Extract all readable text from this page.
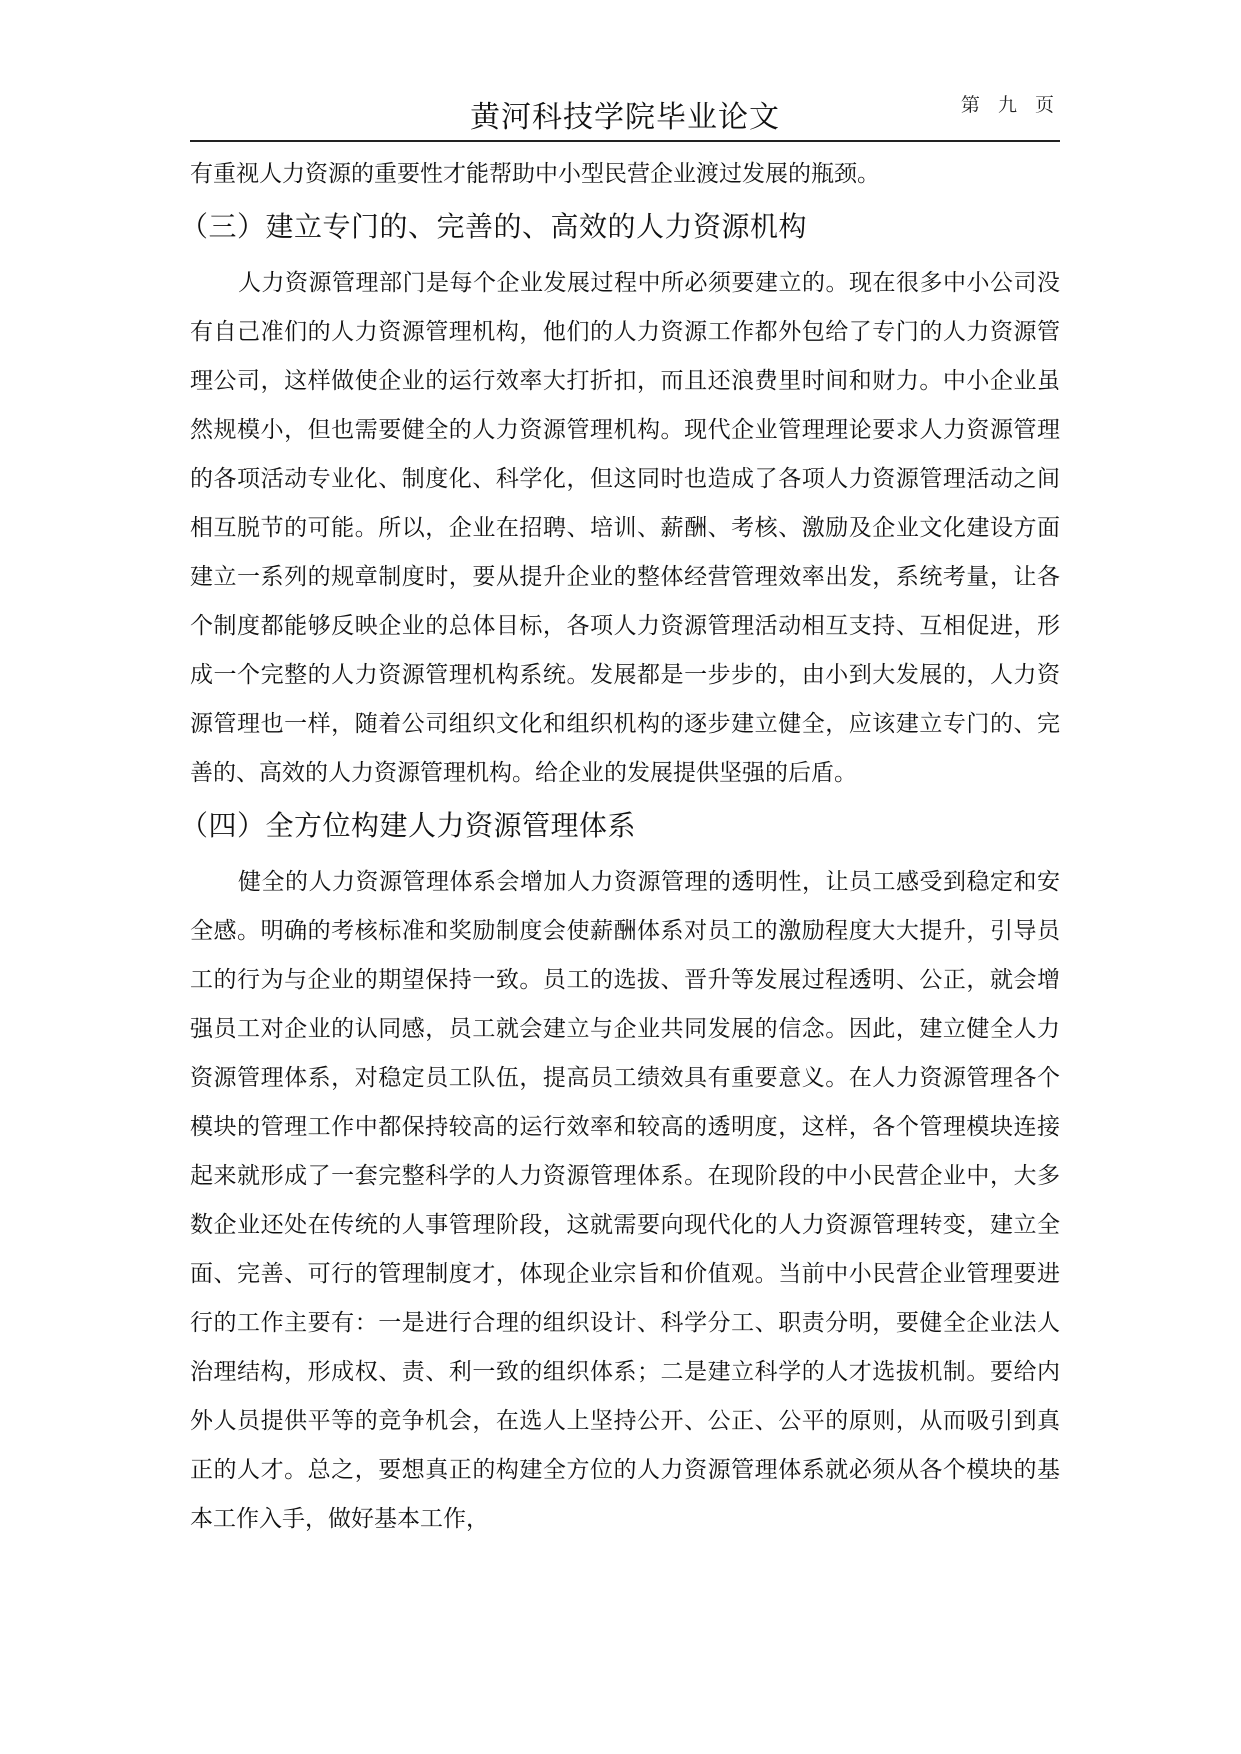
黄河科技学院毕业论文	第 九 页

有重视人力资源的重要性才能帮助中小型民营企业渡过发展的瓶颈。

（三）建立专门的、完善的、高效的人力资源机构

人力资源管理部门是每个企业发展过程中所必须要建立的。现在很多中小公司没有自己准们的人力资源管理机构，他们的人力资源工作都外包给了专门的人力资源管理公司，这样做使企业的运行效率大打折扣，而且还浪费里时间和财力。中小企业虽然规模小，但也需要健全的人力资源管理机构。现代企业管理理论要求人力资源管理的各项活动专业化、制度化、科学化，但这同时也造成了各项人力资源管理活动之间相互脱节的可能。所以，企业在招聘、培训、薪酬、考核、激励及企业文化建设方面建立一系列的规章制度时，要从提升企业的整体经营管理效率出发，系统考量，让各个制度都能够反映企业的总体目标，各项人力资源管理活动相互支持、互相促进，形成一个完整的人力资源管理机构系统。发展都是一步步的，由小到大发展的，人力资源管理也一样，随着公司组织文化和组织机构的逐步建立健全，应该建立专门的、完善的、高效的人力资源管理机构。给企业的发展提供坚强的后盾。

（四）全方位构建人力资源管理体系

健全的人力资源管理体系会增加人力资源管理的透明性，让员工感受到稳定和安全感。明确的考核标准和奖励制度会使薪酬体系对员工的激励程度大大提升，引导员工的行为与企业的期望保持一致。员工的选拔、晋升等发展过程透明、公正，就会增强员工对企业的认同感，员工就会建立与企业共同发展的信念。因此，建立健全人力资源管理体系，对稳定员工队伍，提高员工绩效具有重要意义。在人力资源管理各个模块的管理工作中都保持较高的运行效率和较高的透明度，这样，各个管理模块连接起来就形成了一套完整科学的人力资源管理体系。在现阶段的中小民营企业中，大多数企业还处在传统的人事管理阶段，这就需要向现代化的人力资源管理转变，建立全面、完善、可行的管理制度才，体现企业宗旨和价值观。当前中小民营企业管理要进行的工作主要有：一是进行合理的组织设计、科学分工、职责分明，要健全企业法人治理结构，形成权、责、利一致的组织体系；二是建立科学的人才选拔机制。要给内外人员提供平等的竞争机会，在选人上坚持公开、公正、公平的原则，从而吸引到真正的人才。总之，要想真正的构建全方位的人力资源管理体系就必须从各个模块的基本工作入手，做好基本工作，
